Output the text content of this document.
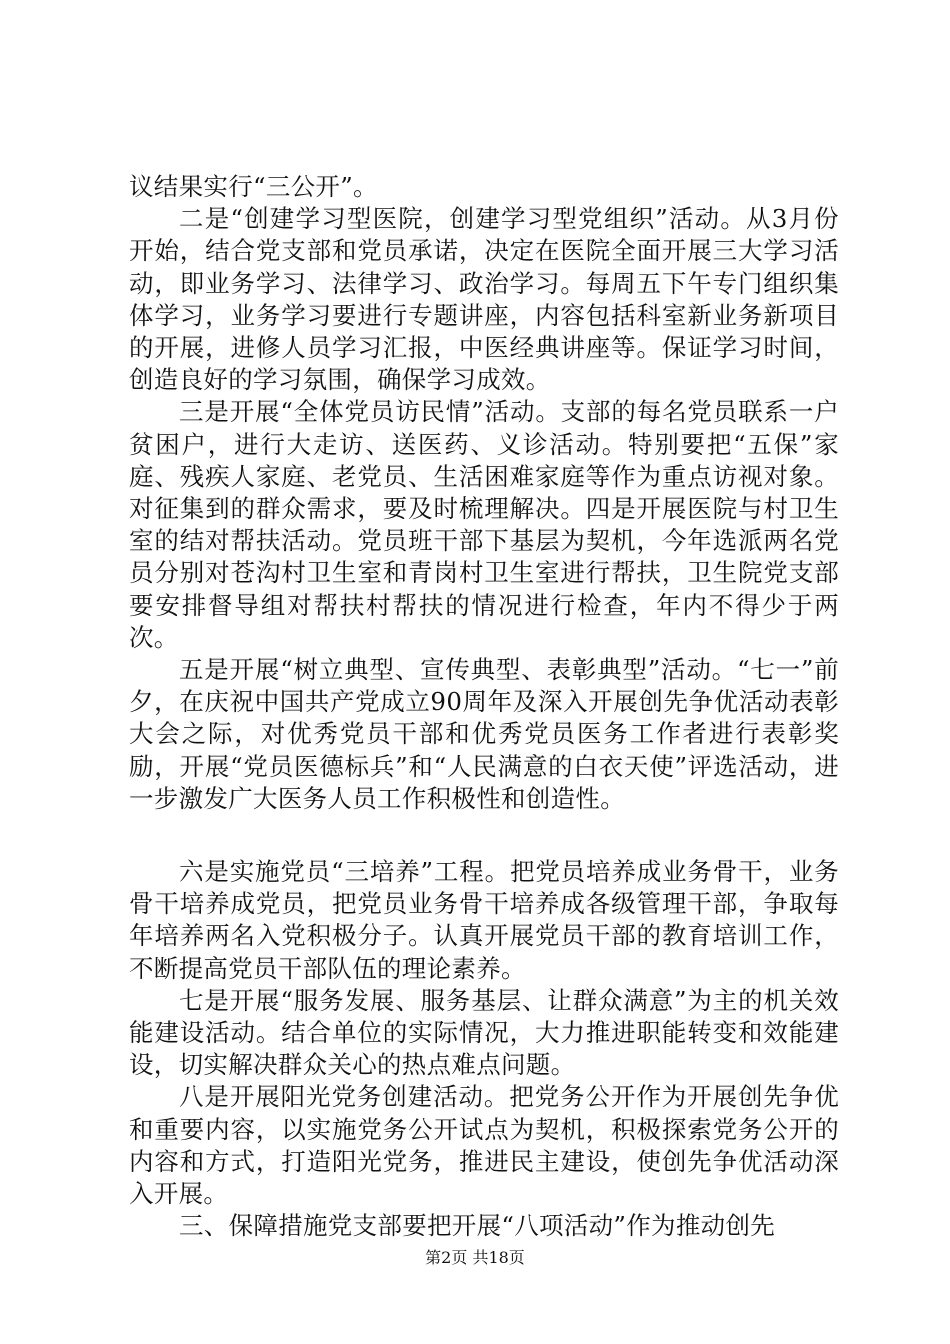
议结果实行“三公开”。

二是“创建学习型医院，创建学习型党组织”活动。从3月份开始，结合党支部和党员承诺，决定在医院全面开展三大学习活动，即业务学习、法律学习、政治学习。每周五下午专门组织集体学习，业务学习要进行专题讲座，内容包括科室新业务新项目的开展，进修人员学习汇报，中医经典讲座等。保证学习时间，创造良好的学习氛围，确保学习成效。

三是开展“全体党员访民情”活动。支部的每名党员联系一户贫困户，进行大走访、送医药、义诊活动。特别要把“五保”家庭、残疾人家庭、老党员、生活困难家庭等作为重点访视对象。对征集到的群众需求，要及时梳理解决。四是开展医院与村卫生室的结对帮扶活动。党员班干部下基层为契机，今年选派两名党员分别对苍沟村卫生室和青岗村卫生室进行帮扶，卫生院党支部要安排督导组对帮扶村帮扶的情况进行检查，年内不得少于两次。

五是开展“树立典型、宣传典型、表彰典型”活动。“七一”前夕，在庆祝中国共产党成立90周年及深入开展创先争优活动表彰大会之际，对优秀党员干部和优秀党员医务工作者进行表彰奖励，开展“党员医德标兵”和“人民满意的白衣天使”评选活动，进一步激发广大医务人员工作积极性和创造性。

六是实施党员“三培养”工程。把党员培养成业务骨干，业务骨干培养成党员，把党员业务骨干培养成各级管理干部，争取每年培养两名入党积极分子。认真开展党员干部的教育培训工作，不断提高党员干部队伍的理论素养。

七是开展“服务发展、服务基层、让群众满意”为主的机关效能建设活动。结合单位的实际情况，大力推进职能转变和效能建设，切实解决群众关心的热点难点问题。

八是开展阳光党务创建活动。把党务公开作为开展创先争优和重要内容，以实施党务公开试点为契机，积极探索党务公开的内容和方式，打造阳光党务，推进民主建设，使创先争优活动深入开展。

三、保障措施党支部要把开展“八项活动”作为推动创先

第2页 共18页
